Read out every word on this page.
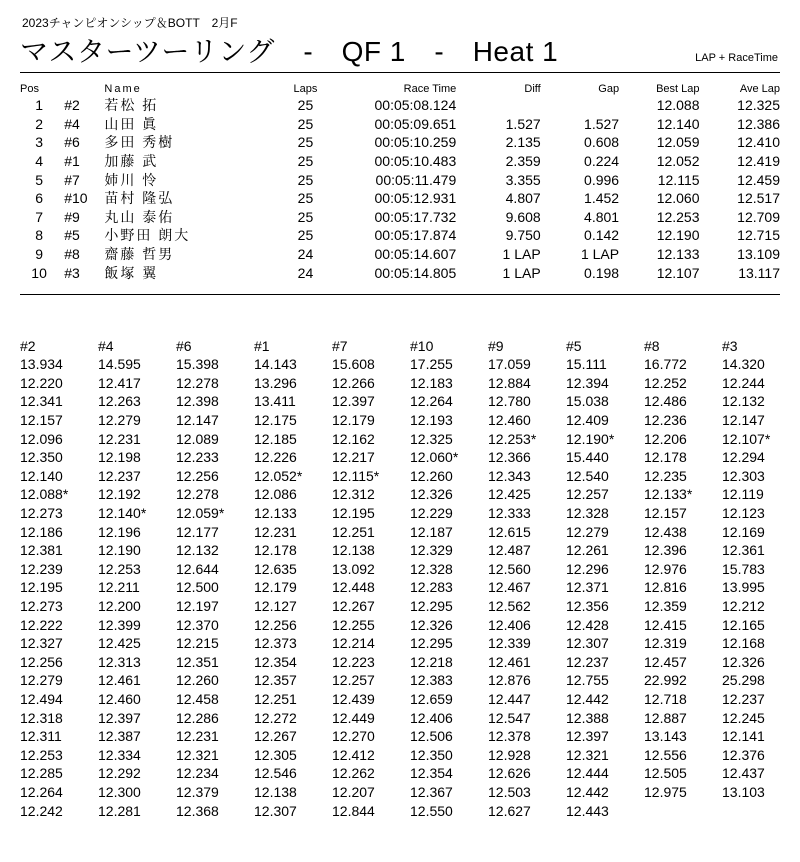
2023チャンピオンシップ＆BOTT　2月F
マスターツーリング　-　QF 1　-　Heat 1	LAP + RaceTime
Pos		Name	Laps	Race Time	Diff	Gap	Best Lap	Ave Lap
1	#2	若松 拓	25	00:05:08.124			12.088	12.325
2	#4	山田 眞	25	00:05:09.651	1.527	1.527	12.140	12.386
3	#6	多田 秀樹	25	00:05:10.259	2.135	0.608	12.059	12.410
4	#1	加藤 武	25	00:05:10.483	2.359	0.224	12.052	12.419
5	#7	姉川 怜	25	00:05:11.479	3.355	0.996	12.115	12.459
6	#10	苗村 隆弘	25	00:05:12.931	4.807	1.452	12.060	12.517
7	#9	丸山 泰佑	25	00:05:17.732	9.608	4.801	12.253	12.709
8	#5	小野田 朗大	25	00:05:17.874	9.750	0.142	12.190	12.715
9	#8	齋藤 哲男	24	00:05:14.607	1 LAP	1 LAP	12.133	13.109
10	#3	飯塚 翼	24	00:05:14.805	1 LAP	0.198	12.107	13.117
#2	#4	#6	#1	#7	#10	#9	#5	#8	#3
13.934	14.595	15.398	14.143	15.608	17.255	17.059	15.111	16.772	14.320
12.220	12.417	12.278	13.296	12.266	12.183	12.884	12.394	12.252	12.244
12.341	12.263	12.398	13.411	12.397	12.264	12.780	15.038	12.486	12.132
12.157	12.279	12.147	12.175	12.179	12.193	12.460	12.409	12.236	12.147
12.096	12.231	12.089	12.185	12.162	12.325	12.253*	12.190*	12.206	12.107*
12.350	12.198	12.233	12.226	12.217	12.060*	12.366	15.440	12.178	12.294
12.140	12.237	12.256	12.052*	12.115*	12.260	12.343	12.540	12.235	12.303
12.088*	12.192	12.278	12.086	12.312	12.326	12.425	12.257	12.133*	12.119
12.273	12.140*	12.059*	12.133	12.195	12.229	12.333	12.328	12.157	12.123
12.186	12.196	12.177	12.231	12.251	12.187	12.615	12.279	12.438	12.169
12.381	12.190	12.132	12.178	12.138	12.329	12.487	12.261	12.396	12.361
12.239	12.253	12.644	12.635	13.092	12.328	12.560	12.296	12.976	15.783
12.195	12.211	12.500	12.179	12.448	12.283	12.467	12.371	12.816	13.995
12.273	12.200	12.197	12.127	12.267	12.295	12.562	12.356	12.359	12.212
12.222	12.399	12.370	12.256	12.255	12.326	12.406	12.428	12.415	12.165
12.327	12.425	12.215	12.373	12.214	12.295	12.339	12.307	12.319	12.168
12.256	12.313	12.351	12.354	12.223	12.218	12.461	12.237	12.457	12.326
12.279	12.461	12.260	12.357	12.257	12.383	12.876	12.755	22.992	25.298
12.494	12.460	12.458	12.251	12.439	12.659	12.447	12.442	12.718	12.237
12.318	12.397	12.286	12.272	12.449	12.406	12.547	12.388	12.887	12.245
12.311	12.387	12.231	12.267	12.270	12.506	12.378	12.397	13.143	12.141
12.253	12.334	12.321	12.305	12.412	12.350	12.928	12.321	12.556	12.376
12.285	12.292	12.234	12.546	12.262	12.354	12.626	12.444	12.505	12.437
12.264	12.300	12.379	12.138	12.207	12.367	12.503	12.442	12.975	13.103
12.242	12.281	12.368	12.307	12.844	12.550	12.627	12.443		
